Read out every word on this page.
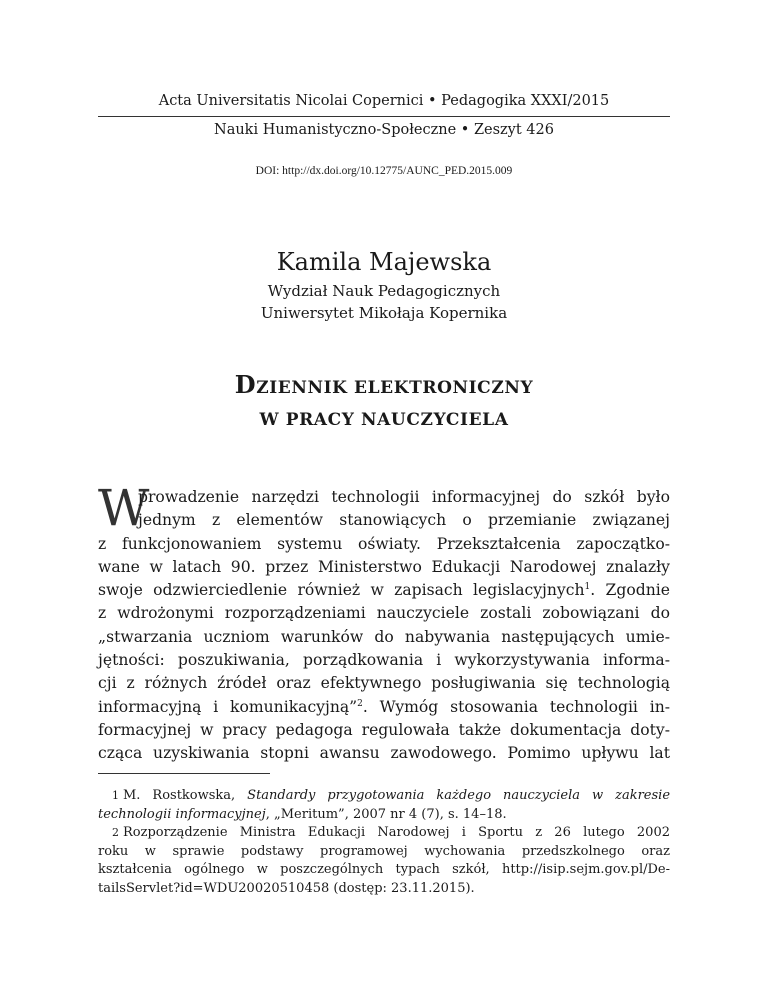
Acta Universitatis Nicolai Copernici • Pedagogika XXXI/2015
Nauki Humanistyczno-Społeczne • Zeszyt 426
DOI: http://dx.doi.org/10.12775/AUNC_PED.2015.009
Kamila Majewska
Wydział Nauk Pedagogicznych
Uniwersytet Mikołaja Kopernika
DZIENNIK ELEKTRONICZNY
W PRACY NAUCZYCIELA
W
prowadzenie narzędzi technologii informacyjnej do szkół było
jednym z elementów stanowiących o przemianie związanej
z funkcjonowaniem systemu oświaty. Przekształcenia zapoczątko-
wane w latach 90. przez Ministerstwo Edukacji Narodowej znalazły
swoje odzwierciedlenie również w zapisach legislacyjnych$^1$. Zgodnie
z wdrożonymi rozporządzeniami nauczyciele zostali zobowiązani do
„stwarzania uczniom warunków do nabywania następujących umie-
jętności: poszukiwania, porządkowania i wykorzystywania informa-
cji z różnych źródeł oraz efektywnego posługiwania się technologią
informacyjną i komunikacyjną”$^2$. Wymóg stosowania technologii in-
formacyjnej w pracy pedagoga regulowała także dokumentacja doty-
cząca uzyskiwania stopni awansu zawodowego. Pomimo upływu lat
1 M. Rostkowska, Standardy przygotowania każdego nauczyciela w zakresie
technologii informacyjnej, „Meritum”, 2007 nr 4 (7), s. 14–18.
2 Rozporządzenie Ministra Edukacji Narodowej i Sportu z 26 lutego 2002
roku w sprawie podstawy programowej wychowania przedszkolnego oraz
kształcenia ogólnego w poszczególnych typach szkół, http://isip.sejm.gov.pl/De-
tailsServlet?id=WDU20020510458 (dostęp: 23.11.2015).
